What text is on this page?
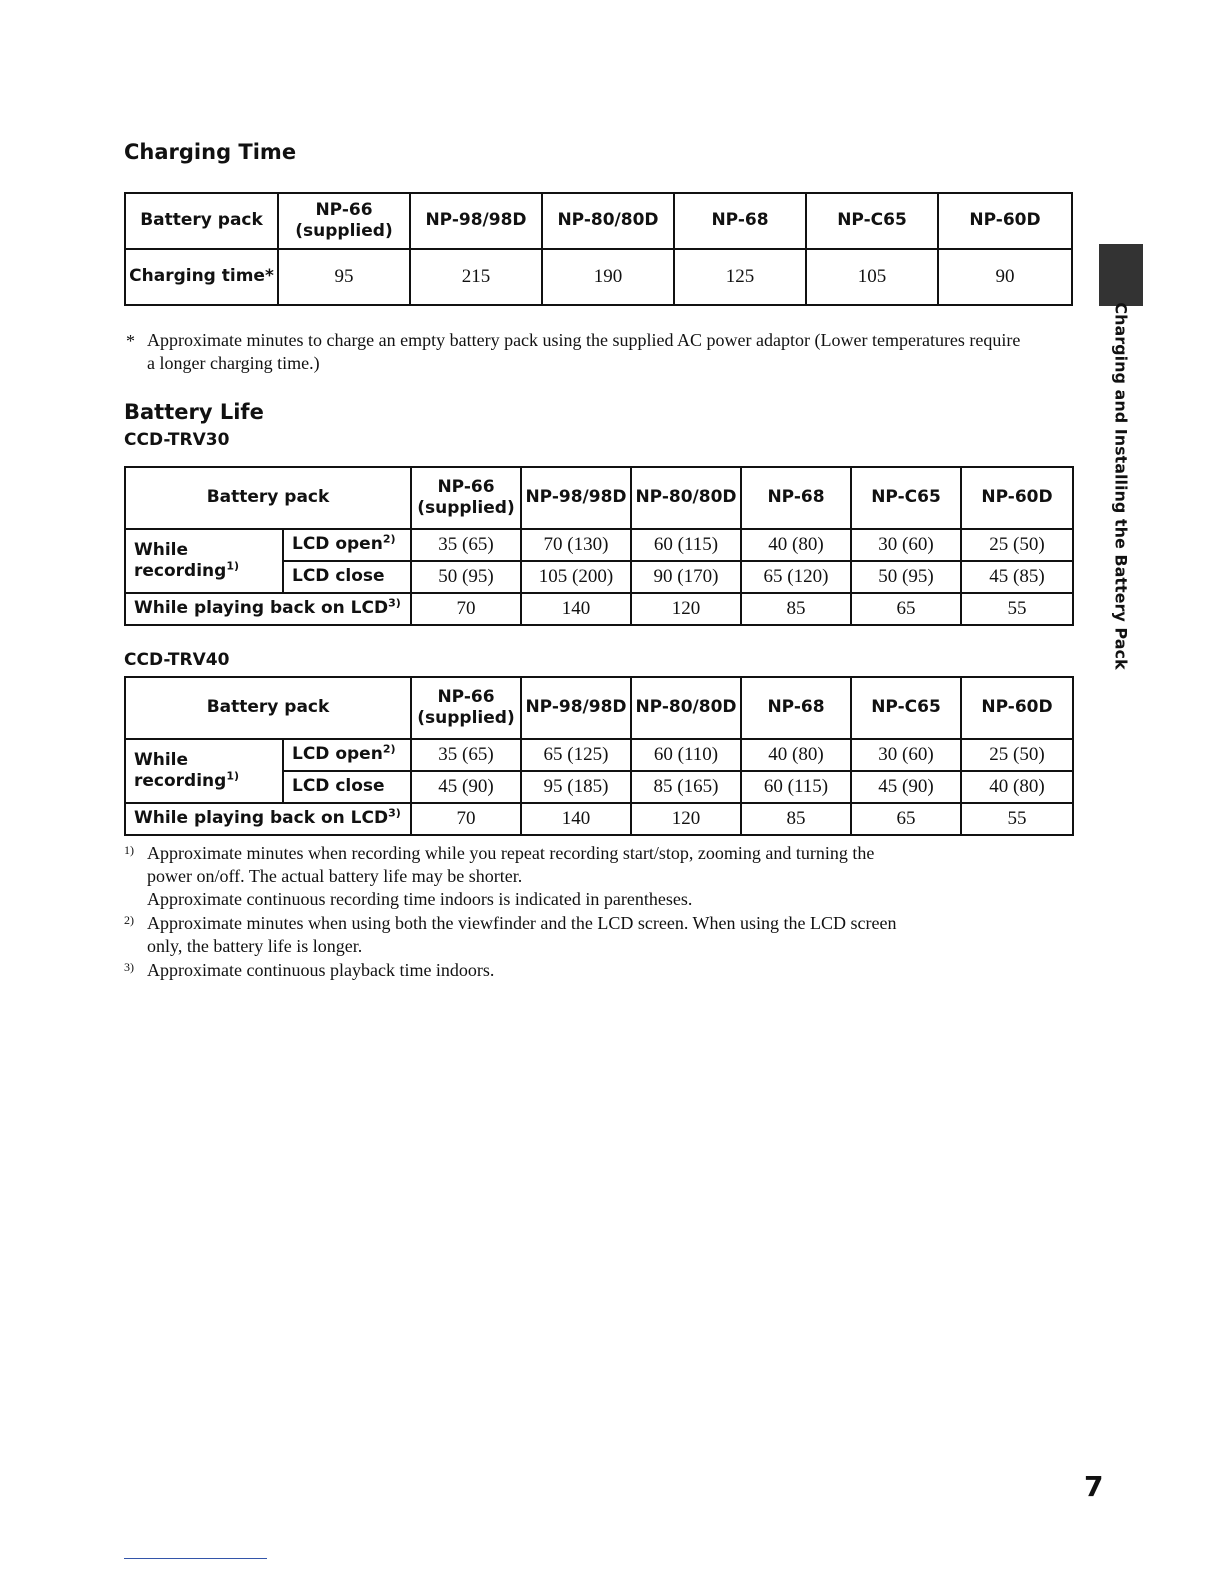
Charging Time
Battery pack	NP-66 (supplied)	NP-98/98D	NP-80/80D	NP-68	NP-C65	NP-60D
Charging time*	95	215	190	125	105	90
* Approximate minutes to charge an empty battery pack using the supplied AC power adaptor (Lower temperatures require a longer charging time.)

Battery Life
CCD-TRV30
Battery pack		NP-66 (supplied)	NP-98/98D	NP-80/80D	NP-68	NP-C65	NP-60D
While recording$^{1)}$	LCD open$^{2)}$	35 (65)	70 (130)	60 (115)	40 (80)	30 (60)	25 (50)
	LCD close	50 (95)	105 (200)	90 (170)	65 (120)	50 (95)	45 (85)
While playing back on LCD$^{3)}$		70	140	120	85	65	55
CCD-TRV40
Battery pack		NP-66 (supplied)	NP-98/98D	NP-80/80D	NP-68	NP-C65	NP-60D
While recording$^{1)}$	LCD open$^{2)}$	35 (65)	65 (125)	60 (110)	40 (80)	30 (60)	25 (50)
	LCD close	45 (90)	95 (185)	85 (165)	60 (115)	45 (90)	40 (80)
While playing back on LCD$^{3)}$		70	140	120	85	65	55
1) Approximate minutes when recording while you repeat recording start/stop, zooming and turning the

power on/off. The actual battery life may be shorter.

Approximate continuous recording time indoors is indicated in parentheses.

2) Approximate minutes when using both the viewfinder and the LCD screen. When using the LCD screen

only, the battery life is longer.

3) Approximate continuous playback time indoors.

Charging and Installing the Battery Pack
7
